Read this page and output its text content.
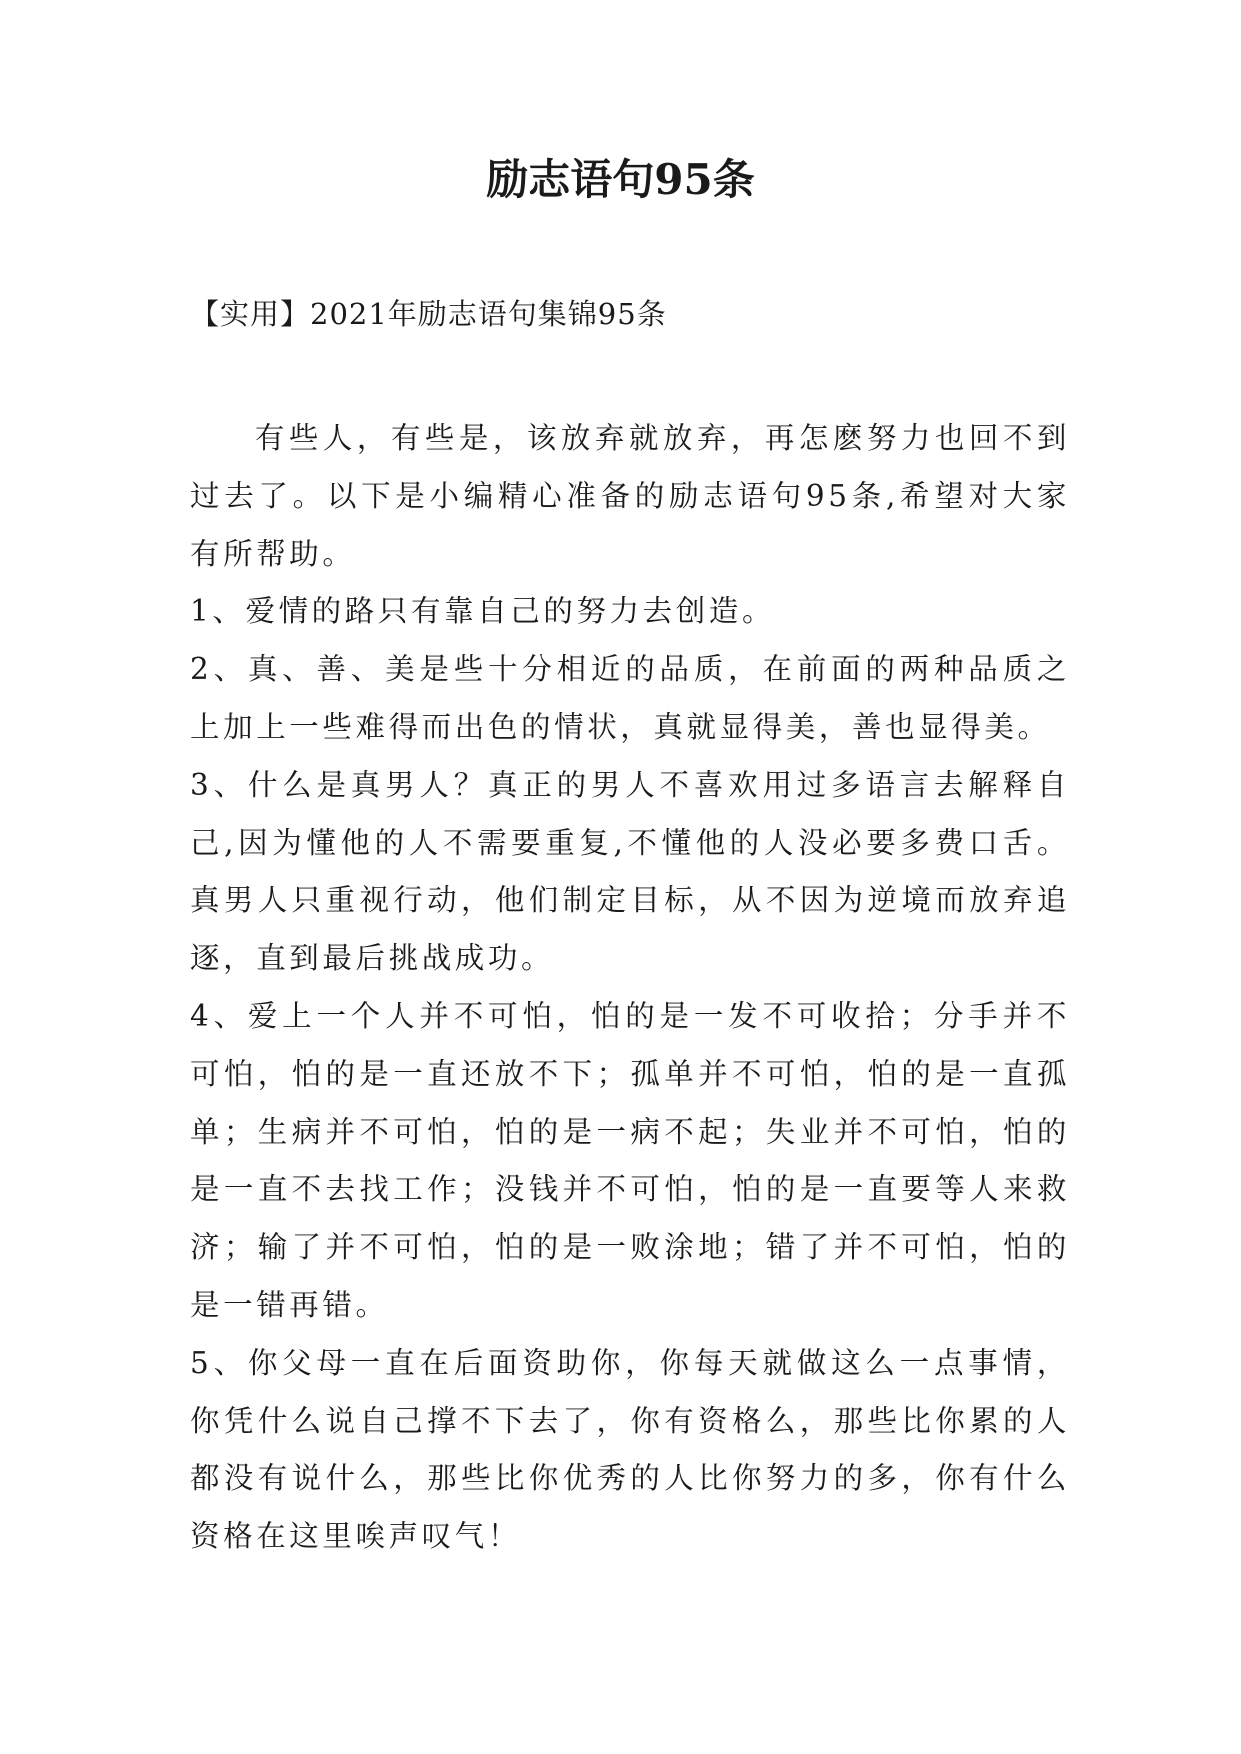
励志语句95条
【实用】2021年励志语句集锦95条

有些人，有些是，该放弃就放弃，再怎麽努力也回不到过去了。以下是小编精心准备的励志语句95条,希望对大家有所帮助。

1、爱情的路只有靠自己的努力去创造。

2、真、善、美是些十分相近的品质，在前面的两种品质之上加上一些难得而出色的情状，真就显得美，善也显得美。

3、什么是真男人？真正的男人不喜欢用过多语言去解释自己,因为懂他的人不需要重复,不懂他的人没必要多费口舌。真男人只重视行动，他们制定目标，从不因为逆境而放弃追逐，直到最后挑战成功。

4、爱上一个人并不可怕，怕的是一发不可收拾；分手并不可怕，怕的是一直还放不下；孤单并不可怕，怕的是一直孤单；生病并不可怕，怕的是一病不起；失业并不可怕，怕的是一直不去找工作；没钱并不可怕，怕的是一直要等人来救济；输了并不可怕，怕的是一败涂地；错了并不可怕，怕的是一错再错。

5、你父母一直在后面资助你，你每天就做这么一点事情，你凭什么说自己撑不下去了，你有资格么，那些比你累的人都没有说什么，那些比你优秀的人比你努力的多，你有什么资格在这里唉声叹气！
